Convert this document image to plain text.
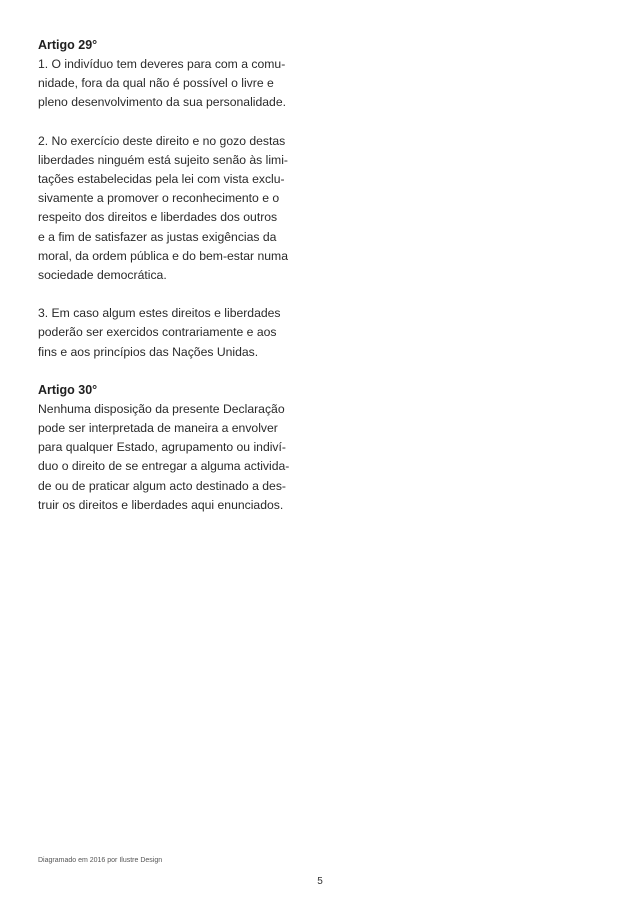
Artigo 29°

1. O indivíduo tem deveres para com a comu-
nidade, fora da qual não é possível o livre e
pleno desenvolvimento da sua personalidade.

2. No exercício deste direito e no gozo destas
liberdades ninguém está sujeito senão às limi-
tações estabelecidas pela lei com vista exclu-
sivamente a promover o reconhecimento e o
respeito dos direitos e liberdades dos outros
e a fim de satisfazer as justas exigências da
moral, da ordem pública e do bem-estar numa
sociedade democrática.

3. Em caso algum estes direitos e liberdades
poderão ser exercidos contrariamente e aos
fins e aos princípios das Nações Unidas.

Artigo 30°

Nenhuma disposição da presente Declaração
pode ser interpretada de maneira a envolver
para qualquer Estado, agrupamento ou indiví-
duo o direito de se entregar a alguma activida-
de ou de praticar algum acto destinado a des-
truir os direitos e liberdades aqui enunciados.

Diagramado em 2016 por Ilustre Design
5
